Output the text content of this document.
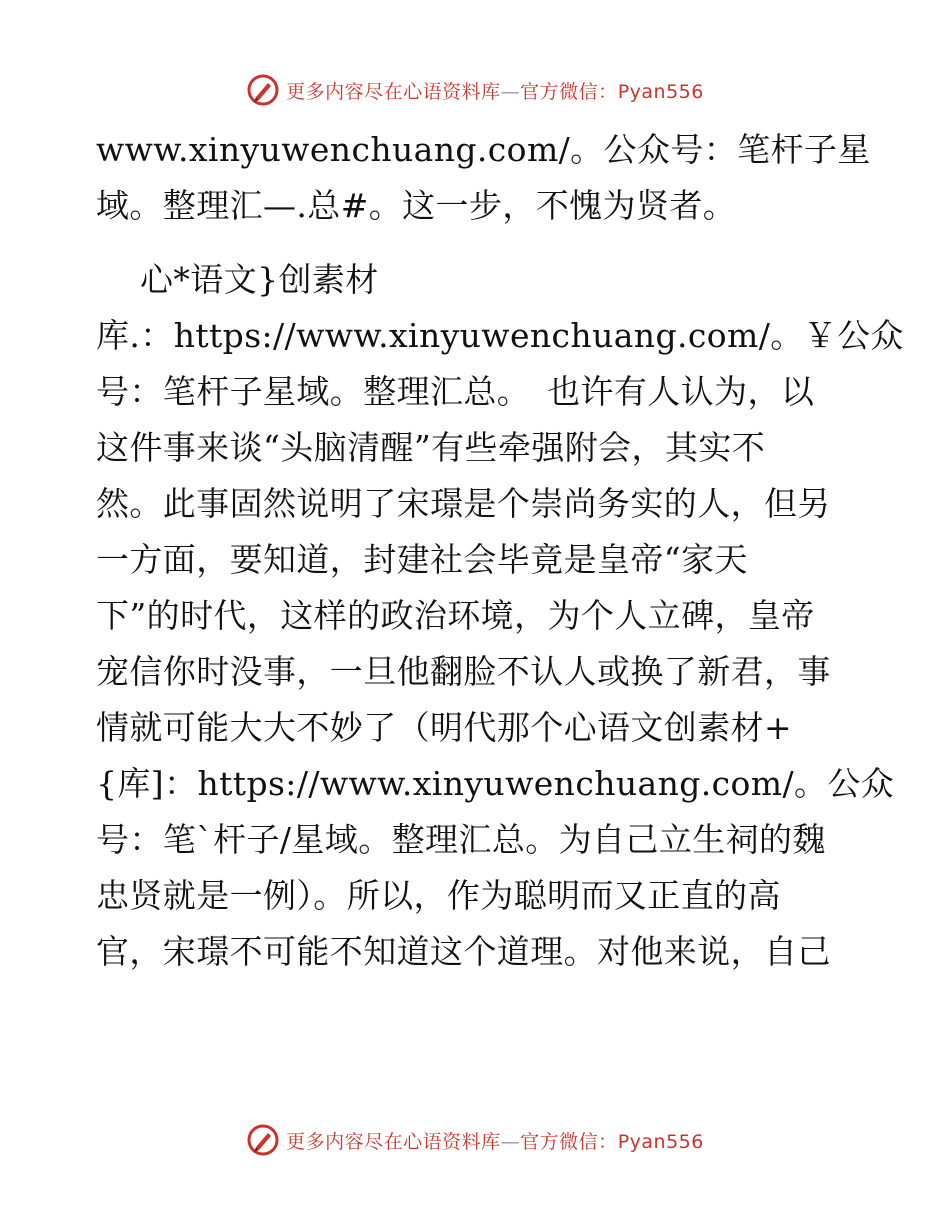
更多内容尽在心语资料库—官方微信：Pyan556
www.xinyuwenchuang.com/。公众号：笔杆子星
域。整理汇—.总#。这一步，不愧为贤者。
心*语文}创素材
库.：https://www.xinyuwenchuang.com/。￥公众
号：笔杆子星域。整理汇总。　也许有人认为，以
这件事来谈“头脑清醒”有些牵强附会，其实不
然。此事固然说明了宋璟是个崇尚务实的人，但另
一方面，要知道，封建社会毕竟是皇帝“家天
下”的时代，这样的政治环境，为个人立碑，皇帝
宠信你时没事，一旦他翻脸不认人或换了新君，事
情就可能大大不妙了（明代那个心语文创素材+
{库]：https://www.xinyuwenchuang.com/。公众
号：笔`杆子/星域。整理汇总。为自己立生祠的魏
忠贤就是一例）。所以，作为聪明而又正直的高
官，宋璟不可能不知道这个道理。对他来说，自己
更多内容尽在心语资料库—官方微信：Pyan556
